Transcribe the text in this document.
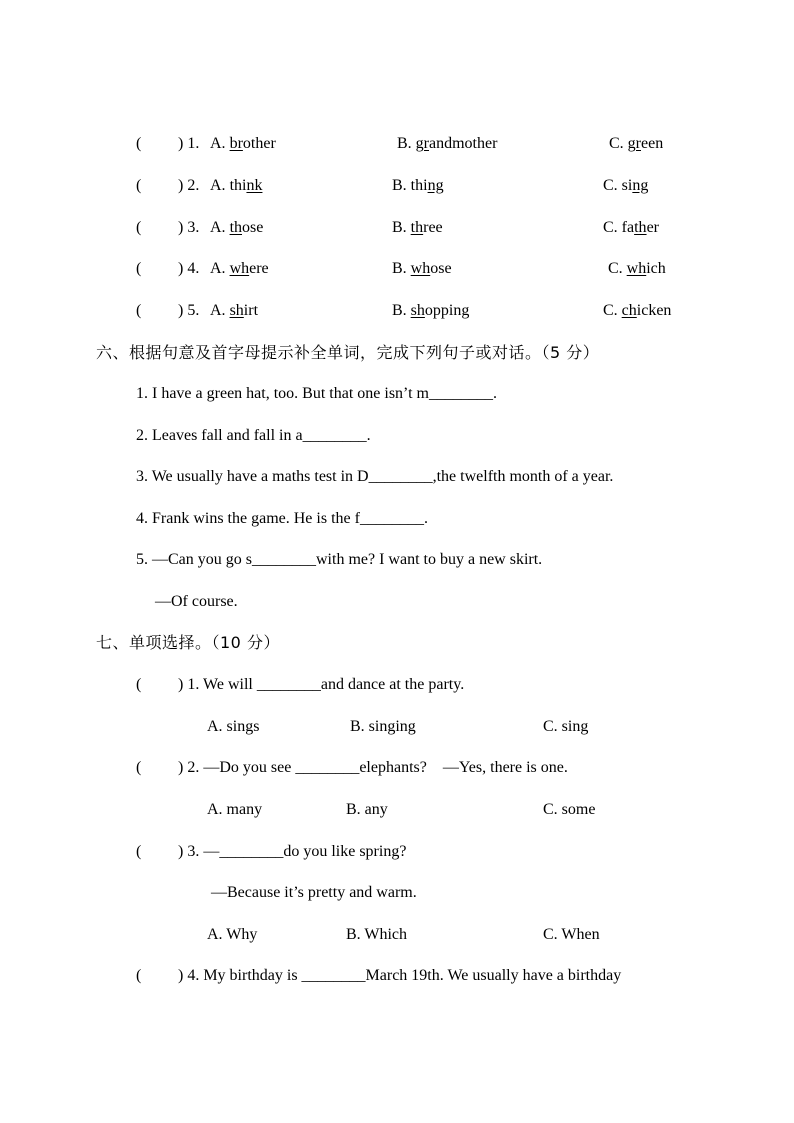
( ) 1. A. brother	B. grandmother	C. green
( ) 2. A. think	B. thing	C. sing
( ) 3. A. those	B. three	C. father
( ) 4. A. where	B. whose	C. which
( ) 5. A. shirt	B. shopping	C. chicken
六、根据句意及首字母提示补全单词，完成下列句子或对话。（5 分）
1. I have a green hat, too. But that one isn’t m________.
2. Leaves fall and fall in a________.
3. We usually have a maths test in D________,the twelfth month of a year.
4. Frank wins the game. He is the f________.
5. —Can you go s________with me? I want to buy a new skirt.
—Of course.
七、单项选择。（10 分）
( ) 1. We will ________and dance at the party.
A. sings	B. singing	C. sing
( ) 2. —Do you see ________elephants?    —Yes, there is one.
A. many	B. any	C. some
( ) 3. —________do you like spring?
—Because it’s pretty and warm.
A. Why	B. Which	C. When
( ) 4. My birthday is ________March 19th. We usually have a birthday
